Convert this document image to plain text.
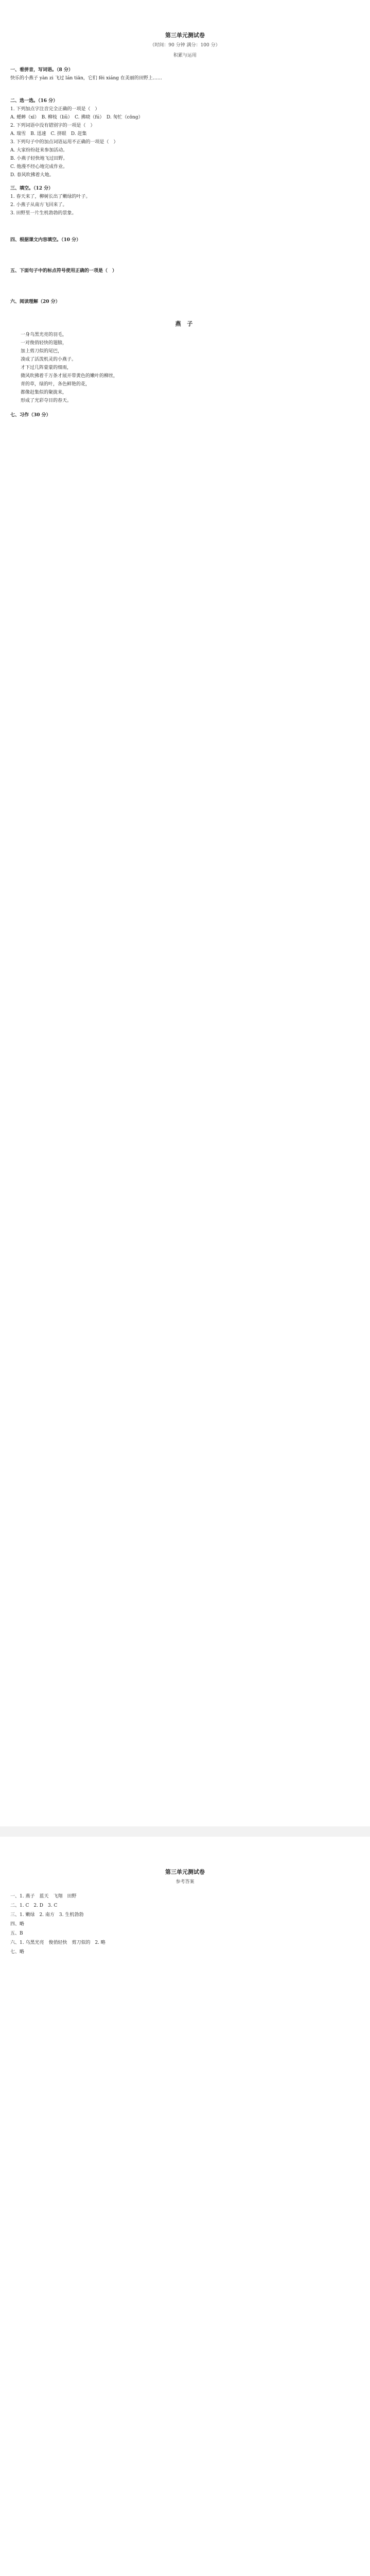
第三单元测试卷
（时间：90 分钟 满分：100 分）
积累与运用
一、看拼音，写词语。（8 分）
快乐的小燕子 yàn zi 飞过 lán tiān，它们 fēi xiáng 在美丽的田野上……
二、选一选。（16 分）
1. 下列加点字注音完全正确的一项是（　）
A. 蟋蟀（xī）　B. 柳枝（liǔ）　C. 拂晓（fú）　D. 匆忙（cōng）
2. 下列词语中没有错别字的一项是（　）
A. 瑞雪　B. 迅速　C. 挤眼　D. 赶集
3. 下列句子中的加点词语运用不正确的一项是（　）
A. 大家纷纷赶来参加活动。
B. 小燕子轻快地飞过田野。
C. 他漫不经心地完成作业。
D. 春风吹拂着大地。
三、填空。（12 分）
1. 春天来了，柳树长出了嫩绿的叶子。
2. 小燕子从南方飞回来了。
3. 田野里一片生机勃勃的景象。
四、根据课文内容填空。（10 分）
五、下面句子中的标点符号使用正确的一项是（　）
六、阅读理解（20 分）
燕 子
一身乌黑光亮的羽毛，
一对俊俏轻快的翅膀，
加上剪刀似的尾巴，
凑成了活泼机灵的小燕子。
才下过几阵蒙蒙的细雨，
微风吹拂着千万条才展开带黄色的嫩叶的柳丝，
青的草，绿的叶，各色鲜艳的花，
都像赶集似的聚拢来，
形成了光彩夺目的春天。
七、习作（30 分）
第三单元测试卷
参考答案
一、1. 燕子　蓝天　飞翔　田野
二、1. C　2. D　3. C
三、1. 嫩绿　2. 南方　3. 生机勃勃
四、略
五、B
六、1. 乌黑光亮　俊俏轻快　剪刀似的　2. 略
七、略
